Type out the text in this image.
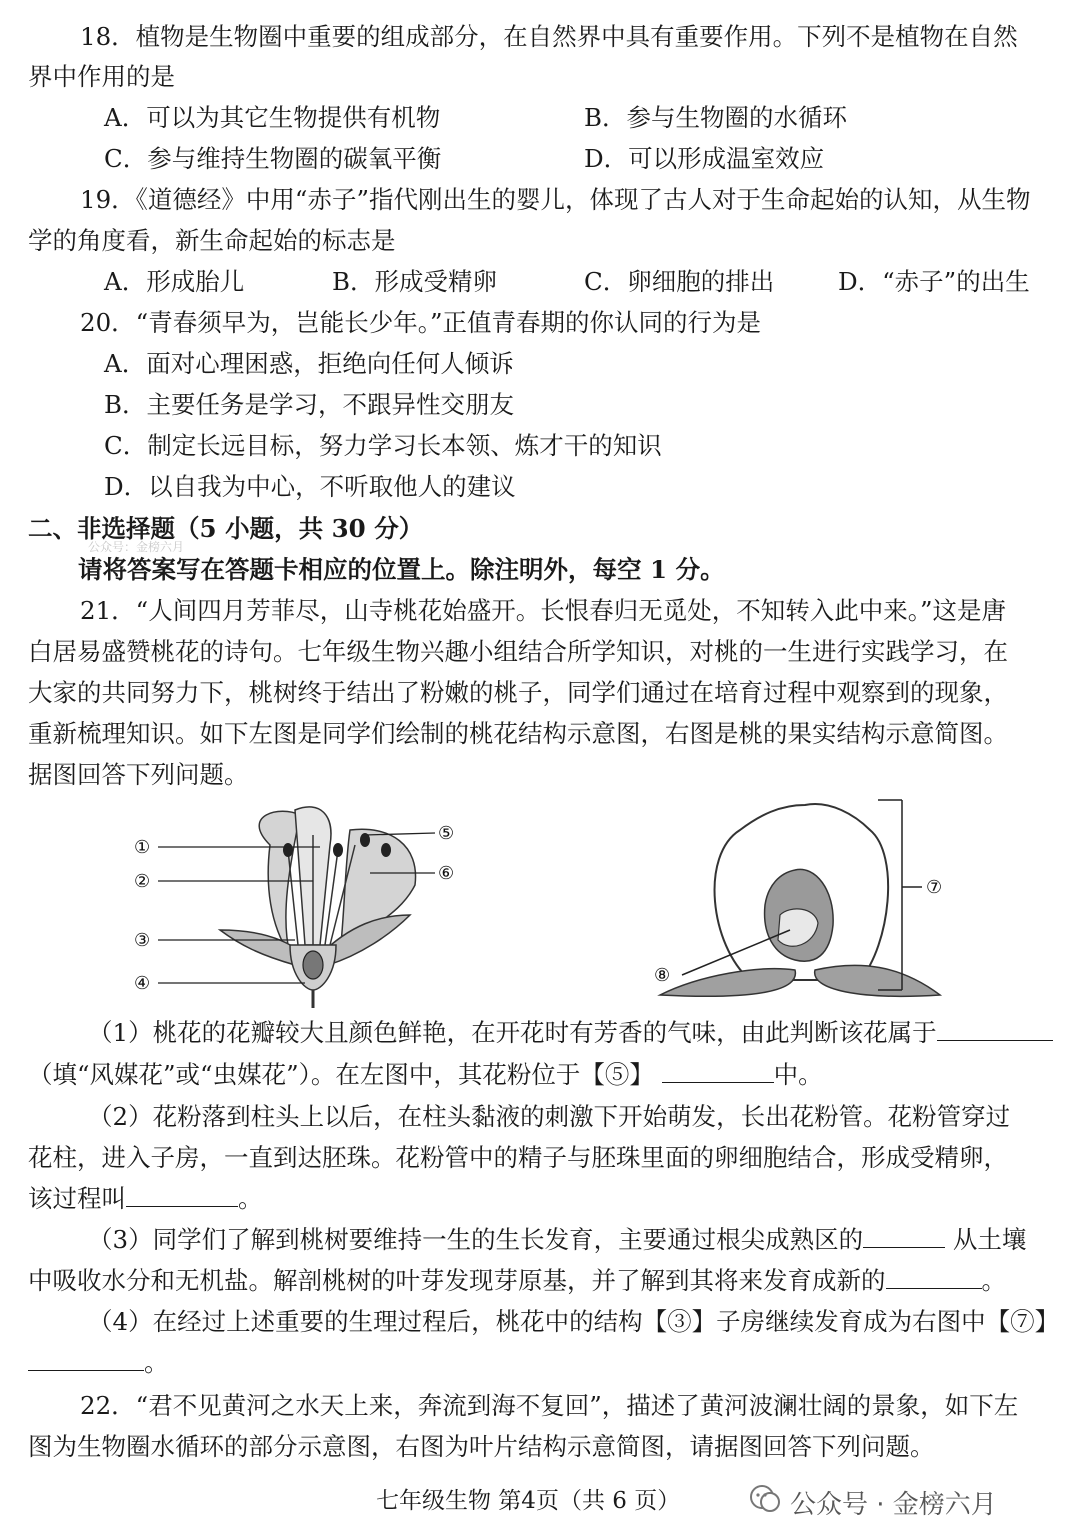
18．植物是生物圈中重要的组成部分，在自然界中具有重要作用。下列不是植物在自然
界中作用的是
A．可以为其它生物提供有机物	B．参与生物圈的水循环
C．参与维持生物圈的碳氧平衡	D．可以形成温室效应
19．《道德经》中用“赤子”指代刚出生的婴儿，体现了古人对于生命起始的认知，从生物
学的角度看，新生命起始的标志是
A．形成胎儿	B．形成受精卵	C．卵细胞的排出	D．“赤子”的出生
20．“青春须早为，岂能长少年。”正值青春期的你认同的行为是
A．面对心理困惑，拒绝向任何人倾诉
B．主要任务是学习，不跟异性交朋友
C．制定长远目标，努力学习长本领、炼才干的知识
D．以自我为中心，不听取他人的建议
二、非选择题（5 小题，共 30 分）
公众号：金榜六月
请将答案写在答题卡相应的位置上。除注明外，每空 1 分。
21．“人间四月芳菲尽，山寺桃花始盛开。长恨春归无觅处，不知转入此中来。”这是唐
白居易盛赞桃花的诗句。七年级生物兴趣小组结合所学知识，对桃的一生进行实践学习，在
大家的共同努力下，桃树终于结出了粉嫩的桃子，同学们通过在培育过程中观察到的现象，
重新梳理知识。如下左图是同学们绘制的桃花结构示意图，右图是桃的果实结构示意简图。
据图回答下列问题。
①
②
③
④
⑤
⑥
⑦
⑧
（1）桃花的花瓣较大且颜色鲜艳，在开花时有芳香的气味，由此判断该花属于
（填“风媒花”或“虫媒花”）。在左图中，其花粉位于【⑤】	中。
（2）花粉落到柱头上以后，在柱头黏液的刺激下开始萌发，长出花粉管。花粉管穿过
花柱，进入子房，一直到达胚珠。花粉管中的精子与胚珠里面的卵细胞结合，形成受精卵，
该过程叫	。
（3）同学们了解到桃树要维持一生的生长发育，主要通过根尖成熟区的	从土壤
中吸收水分和无机盐。解剖桃树的叶芽发现芽原基，并了解到其将来发育成新的	。
（4）在经过上述重要的生理过程后，桃花中的结构【③】子房继续发育成为右图中【⑦】
。
22．“君不见黄河之水天上来，奔流到海不复回”，描述了黄河波澜壮阔的景象，如下左
图为生物圈水循环的部分示意图，右图为叶片结构示意简图，请据图回答下列问题。
七年级生物 第4页（共 6 页）	公众号 · 金榜六月
